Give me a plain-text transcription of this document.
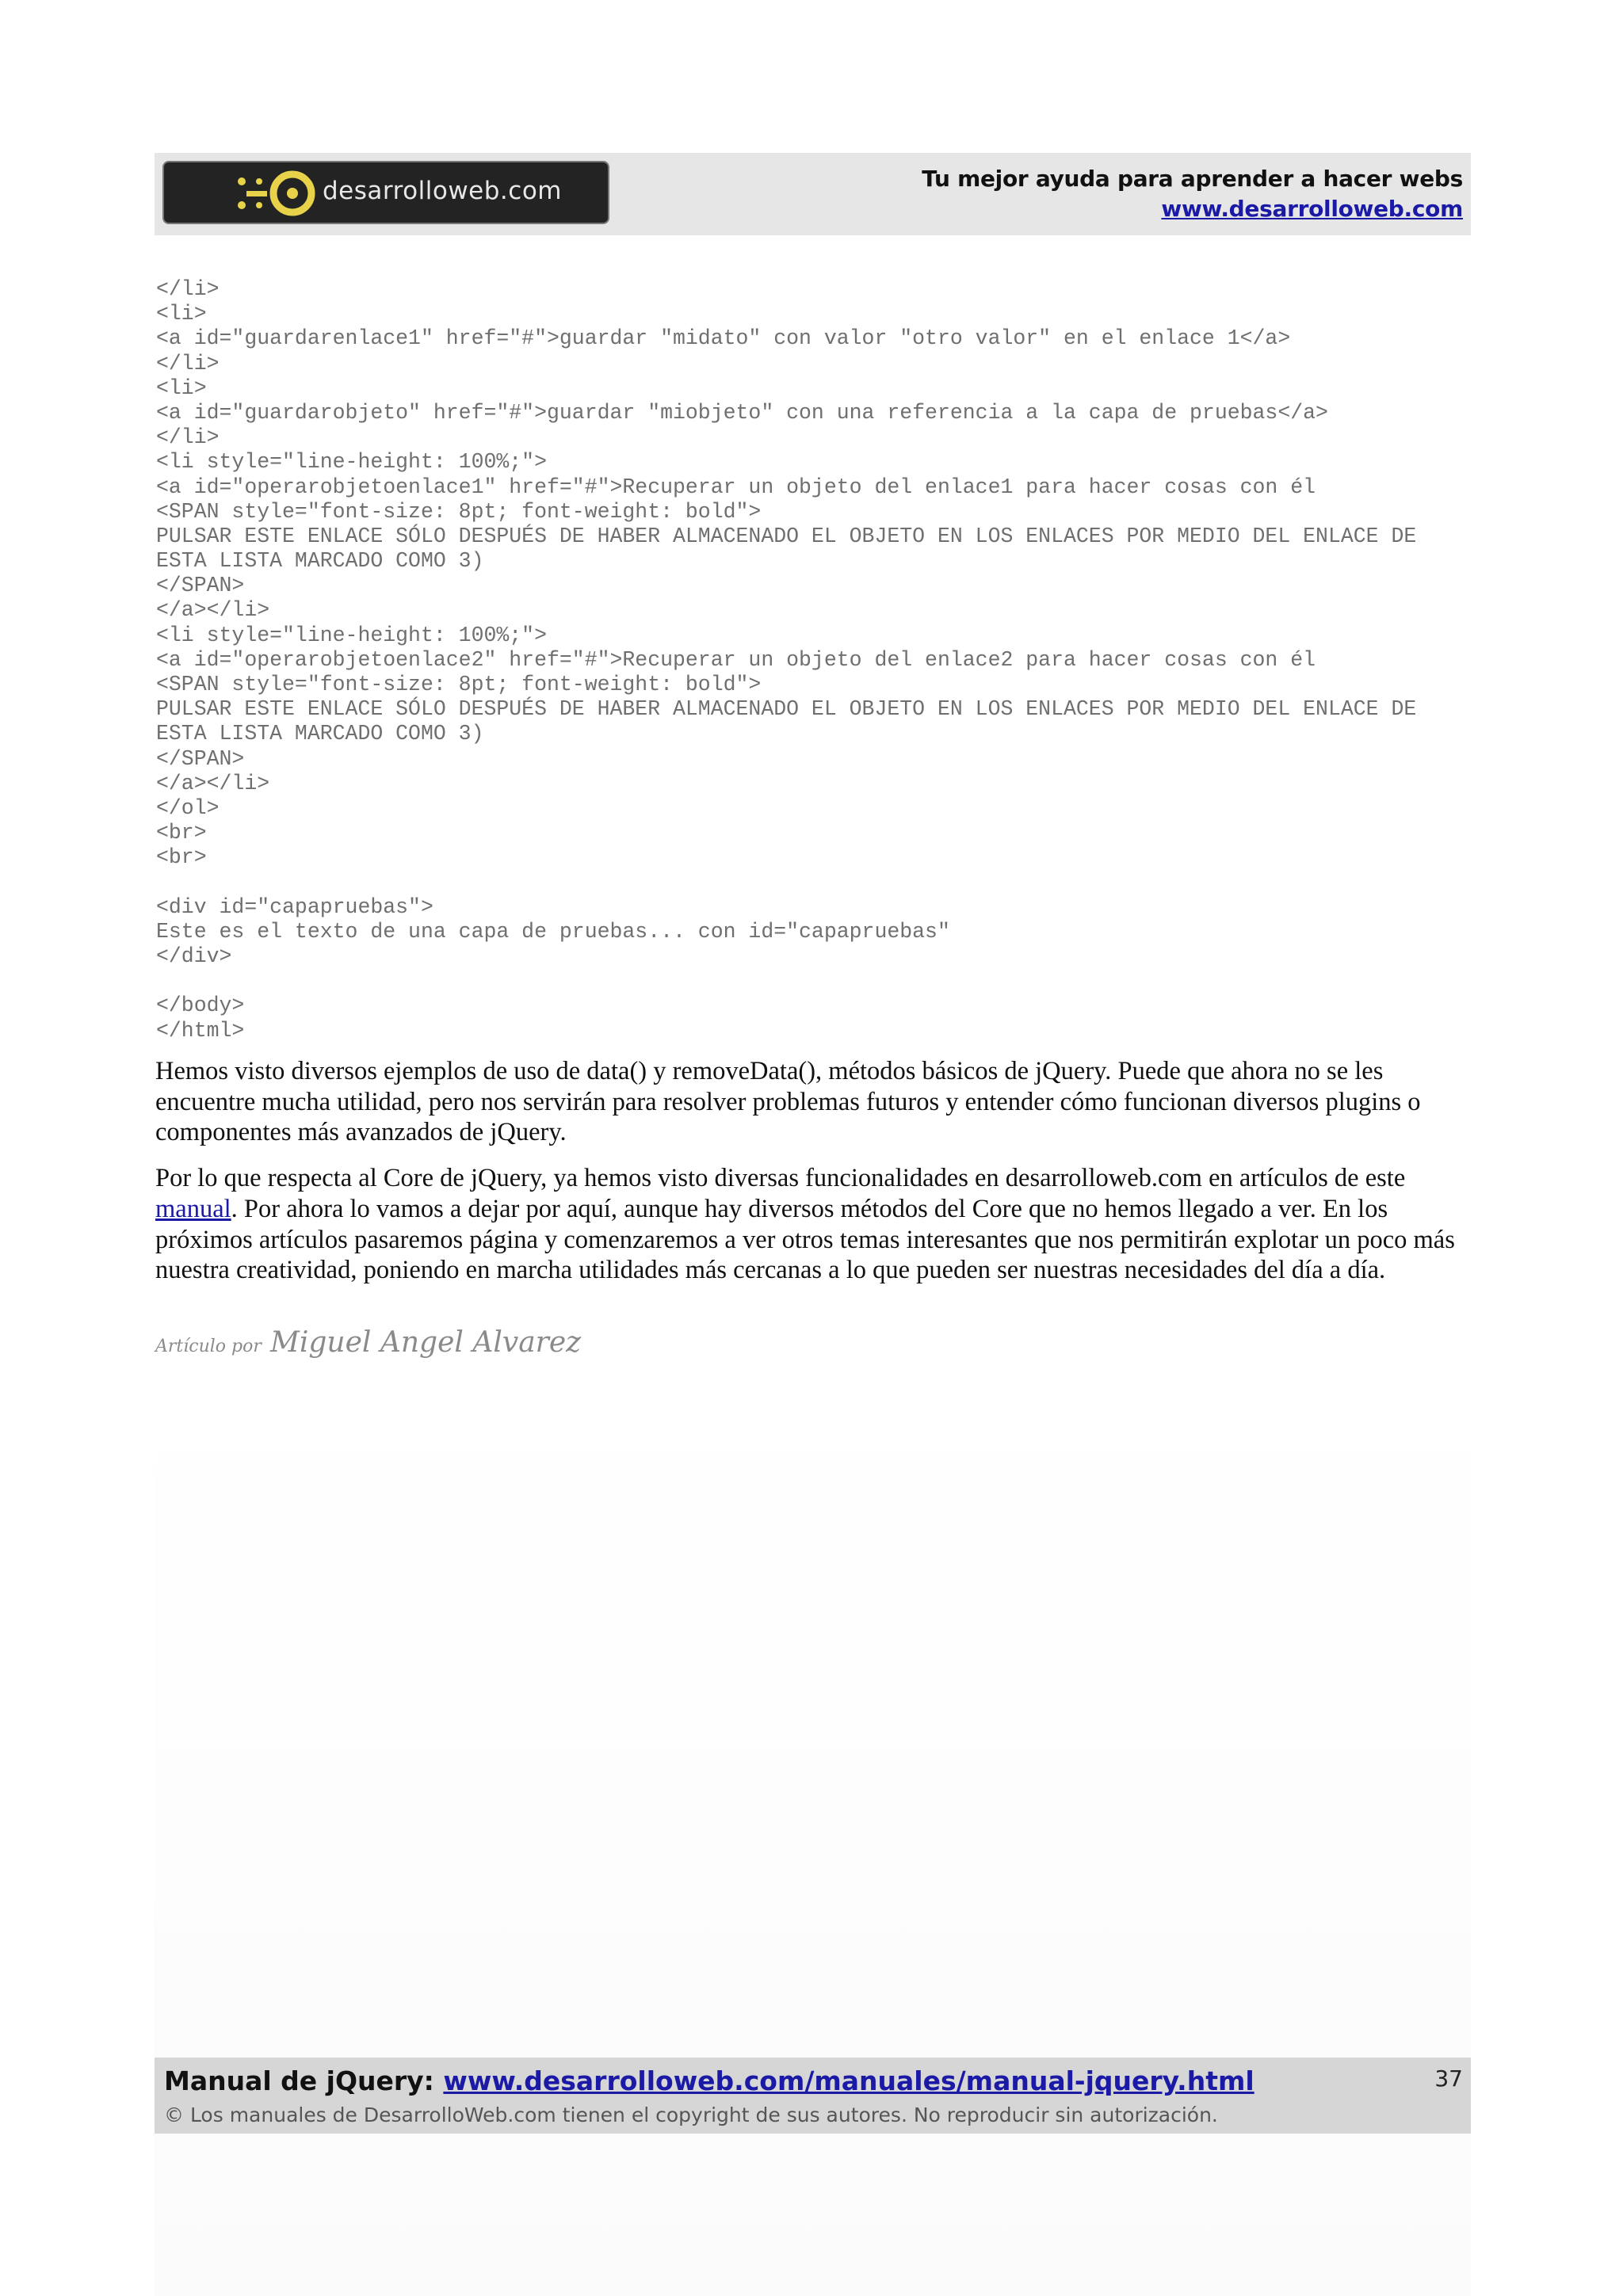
desarrolloweb.com	Tu mejor ayuda para aprender a hacer webs
www.desarrolloweb.com
</li>
<li>
<a id="guardarenlace1" href="#">guardar "midato" con valor "otro valor" en el enlace 1</a>
</li>
<li>
<a id="guardarobjeto" href="#">guardar "miobjeto" con una referencia a la capa de pruebas</a>
</li>
<li style="line-height: 100%;">
<a id="operarobjetoenlace1" href="#">Recuperar un objeto del enlace1 para hacer cosas con él
<SPAN style="font-size: 8pt; font-weight: bold">
PULSAR ESTE ENLACE SÓLO DESPUÉS DE HABER ALMACENADO EL OBJETO EN LOS ENLACES POR MEDIO DEL ENLACE DE
ESTA LISTA MARCADO COMO 3)
</SPAN>
</a></li>
<li style="line-height: 100%;">
<a id="operarobjetoenlace2" href="#">Recuperar un objeto del enlace2 para hacer cosas con él
<SPAN style="font-size: 8pt; font-weight: bold">
PULSAR ESTE ENLACE SÓLO DESPUÉS DE HABER ALMACENADO EL OBJETO EN LOS ENLACES POR MEDIO DEL ENLACE DE
ESTA LISTA MARCADO COMO 3)
</SPAN>
</a></li>
</ol>
<br>
<br>
<div id="capapruebas">
Este es el texto de una capa de pruebas... con id="capapruebas"
</div>
</body>
</html>

Hemos visto diversos ejemplos de uso de data() y removeData(), métodos básicos de jQuery. Puede que ahora no se les encuentre mucha utilidad, pero nos servirán para resolver problemas futuros y entender cómo funcionan diversos plugins o componentes más avanzados de jQuery.

Por lo que respecta al Core de jQuery, ya hemos visto diversas funcionalidades en desarrolloweb.com en artículos de este manual. Por ahora lo vamos a dejar por aquí, aunque hay diversos métodos del Core que no hemos llegado a ver. En los próximos artículos pasaremos página y comenzaremos a ver otros temas interesantes que nos permitirán explotar un poco más nuestra creatividad, poniendo en marcha utilidades más cercanas a lo que pueden ser nuestras necesidades del día a día.

Artículo por Miguel Angel Alvarez
Manual de jQuery: www.desarrolloweb.com/manuales/manual-jquery.html
© Los manuales de DesarrolloWeb.com tienen el copyright de sus autores. No reproducir sin autorización.
37
